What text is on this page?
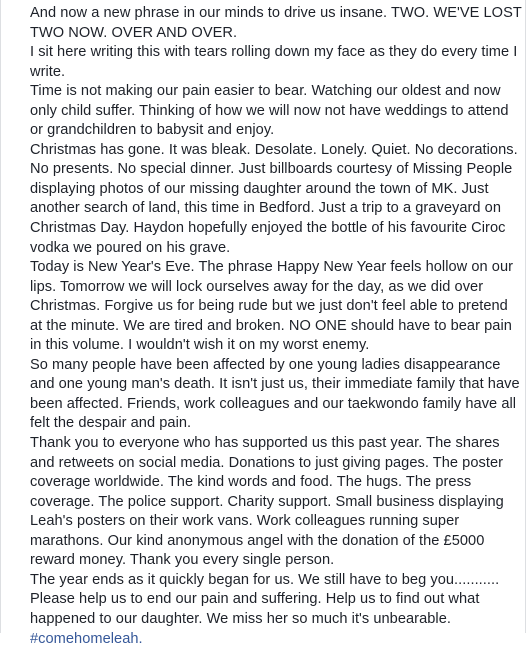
And now a new phrase in our minds to drive us insane. TWO. WE'VE LOST TWO NOW. OVER AND OVER.

I sit here writing this with tears rolling down my face as they do every time I write.

Time is not making our pain easier to bear. Watching our oldest and now only child suffer. Thinking of how we will now not have weddings to attend or grandchildren to babysit and enjoy.

Christmas has gone. It was bleak. Desolate. Lonely. Quiet. No decorations. No presents. No special dinner. Just billboards courtesy of Missing People displaying photos of our missing daughter around the town of MK. Just another search of land, this time in Bedford. Just a trip to a graveyard on Christmas Day. Haydon hopefully enjoyed the bottle of his favourite Ciroc vodka we poured on his grave.

Today is New Year's Eve. The phrase Happy New Year feels hollow on our lips. Tomorrow we will lock ourselves away for the day, as we did over Christmas. Forgive us for being rude but we just don't feel able to pretend at the minute. We are tired and broken. NO ONE should have to bear pain in this volume. I wouldn't wish it on my worst enemy.

So many people have been affected by one young ladies disappearance and one young man's death. It isn't just us, their immediate family that have been affected. Friends, work colleagues and our taekwondo family have all felt the despair and pain.

Thank you to everyone who has supported us this past year. The shares and retweets on social media. Donations to just giving pages. The poster coverage worldwide. The kind words and food. The hugs. The press coverage. The police support. Charity support. Small business displaying Leah's posters on their work vans. Work colleagues running super marathons. Our kind anonymous angel with the donation of the £5000 reward money. Thank you every single person.

The year ends as it quickly began for us. We still have to beg you...........

Please help us to end our pain and suffering. Help us to find out what happened to our daughter. We miss her so much it's unbearable.

#comehomeleah.
